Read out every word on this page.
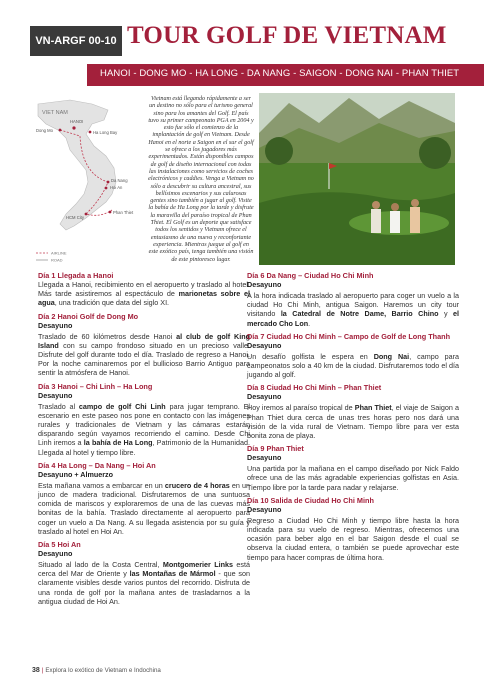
VN-ARGF 00-10 TOUR GOLF DE VIETNAM
HANOI - DONG MO - HA LONG - DA NANG - SAIGON - DONG NAI - PHAN THIET
VIET NAM
Dong Mo
HANOI
Ha Long Bay
Da Nang
Hoi An
HCM City
Phan Thiet
AIRLINE
ROAD
Vietnam está llegando rápidamente a ser un destino no sólo para el turismo general sino para los amantes del Golf. El país tuvo su primer campeonato PGA en 2004 y esto fue sólo el comienzo de la implantación de golf en Vietnam. Desde Hanoi en el norte a Saigon en el sur el golf se ofrece a los jugadores más experimentados. Están disponibles campos de golf de diseño internacional con todas las instalaciones como servicios de coches electrónicos y caddies. Venga a Vietnam no sólo a descubrir su cultura ancestral, sus bellísimos escenarios y sus calurosas gentes sino también a jugar al golf. Visite la bahía de Ha Long por la tarde y disfrute la maravilla del paraíso tropical de Phan Thiet. El Golf es un deporte que satisface todos los sentidos y Vietnam ofrece el entusiasmo de una nueva y reconfortante experiencia. Mientras juegue al golf en este exótico país, tenga también una visión de este pintoresco lugar.
Día 1 Llegada a Hanoi
Llegada a Hanoi, recibimiento en el aeropuerto y traslado al hotel. Más tarde asistiremos al espectáculo de marionetas sobre el agua, una tradición que data del siglo XI.
Día 2 Hanoi Golf de Dong Mo
Desayuno
Traslado de 60 kilómetros desde Hanoi al club de golf King Island con su campo frondoso situado en un precioso valle. Disfrute del golf durante todo el día. Traslado de regreso a Hanoi. Por la noche caminaremos por el bullicioso Barrio Antiguo para sentir la atmósfera de Hanoi.
Día 3 Hanoi – Chi Linh – Ha Long
Desayuno
Traslado al campo de golf Chi Linh para jugar temprano. El escenario en este paseo nos pone en contacto con las imágenes rurales y tradicionales de Vietnam y las cámaras estarán disparando según vayamos recorriendo el camino. Desde Chi Linh iremos a la bahía de Ha Long, Patrimonio de la Humanidad. Llegada al hotel y tiempo libre.
Día 4 Ha Long – Da Nang – Hoi An
Desayuno + Almuerzo
Esta mañana vamos a embarcar en un crucero de 4 horas en un junco de madera tradicional. Disfrutaremos de una suntuosa comida de mariscos y exploraremos de una de las cuevas más bonitas de la bahía. Traslado directamente al aeropuerto para coger un vuelo a Da Nang. A su llegada asistencia por su guía y traslado al hotel en Hoi An.
Día 5 Hoi An
Desayuno
Situado al lado de la Costa Central, Montgomerier Links está cerca del Mar de Oriente y las Montañas de Mármol - que son claramente visibles desde varios puntos del recorrido. Disfruta de una ronda de golf por la mañana antes de trasladarnos a la antigua ciudad de Hoi An.
Día 6 Da Nang – Ciudad Ho Chi Minh
Desayuno
A la hora indicada traslado al aeropuerto para coger un vuelo a la ciudad Ho Chi Minh, antigua Saigon. Haremos un city tour visitando la Catedral de Notre Dame, Barrio Chino y el mercado Cho Lon.
Día 7 Ciudad Ho Chi Minh – Campo de Golf de Long Thanh
Desayuno
Un desafío golfista le espera en Dong Nai, campo para campeonatos solo a 40 km de la ciudad. Disfrutaremos todo el día jugando al golf.
Día 8 Ciudad Ho Chi Minh – Phan Thiet
Desayuno
Hoy iremos al paraíso tropical de Phan Thiet, el viaje de Saigon a Phan Thiet dura cerca de unas tres horas pero nos dará una visión de la vida rural de Vietnam. Tiempo libre para ver esta bonita zona de playa.
Día 9 Phan Thiet
Desayuno
Una partida por la mañana en el campo diseñado por Nick Faldo ofrece una de las más agradable experiencias golfistas en Asia. Tiempo libre por la tarde para nadar y relajarse.
Día 10 Salida de Ciudad Ho Chi Minh
Desayuno
Regreso a Ciudad Ho Chi Minh y tiempo libre hasta la hora indicada para su vuelo de regreso. Mientras, ofrecemos una ocasión para beber algo en el bar Saigon desde el cual se observa la ciudad entera, o también se puede aprovechar este tiempo para hacer compras de última hora.
38 | Explora lo exótico de Vietnam e Indochina
